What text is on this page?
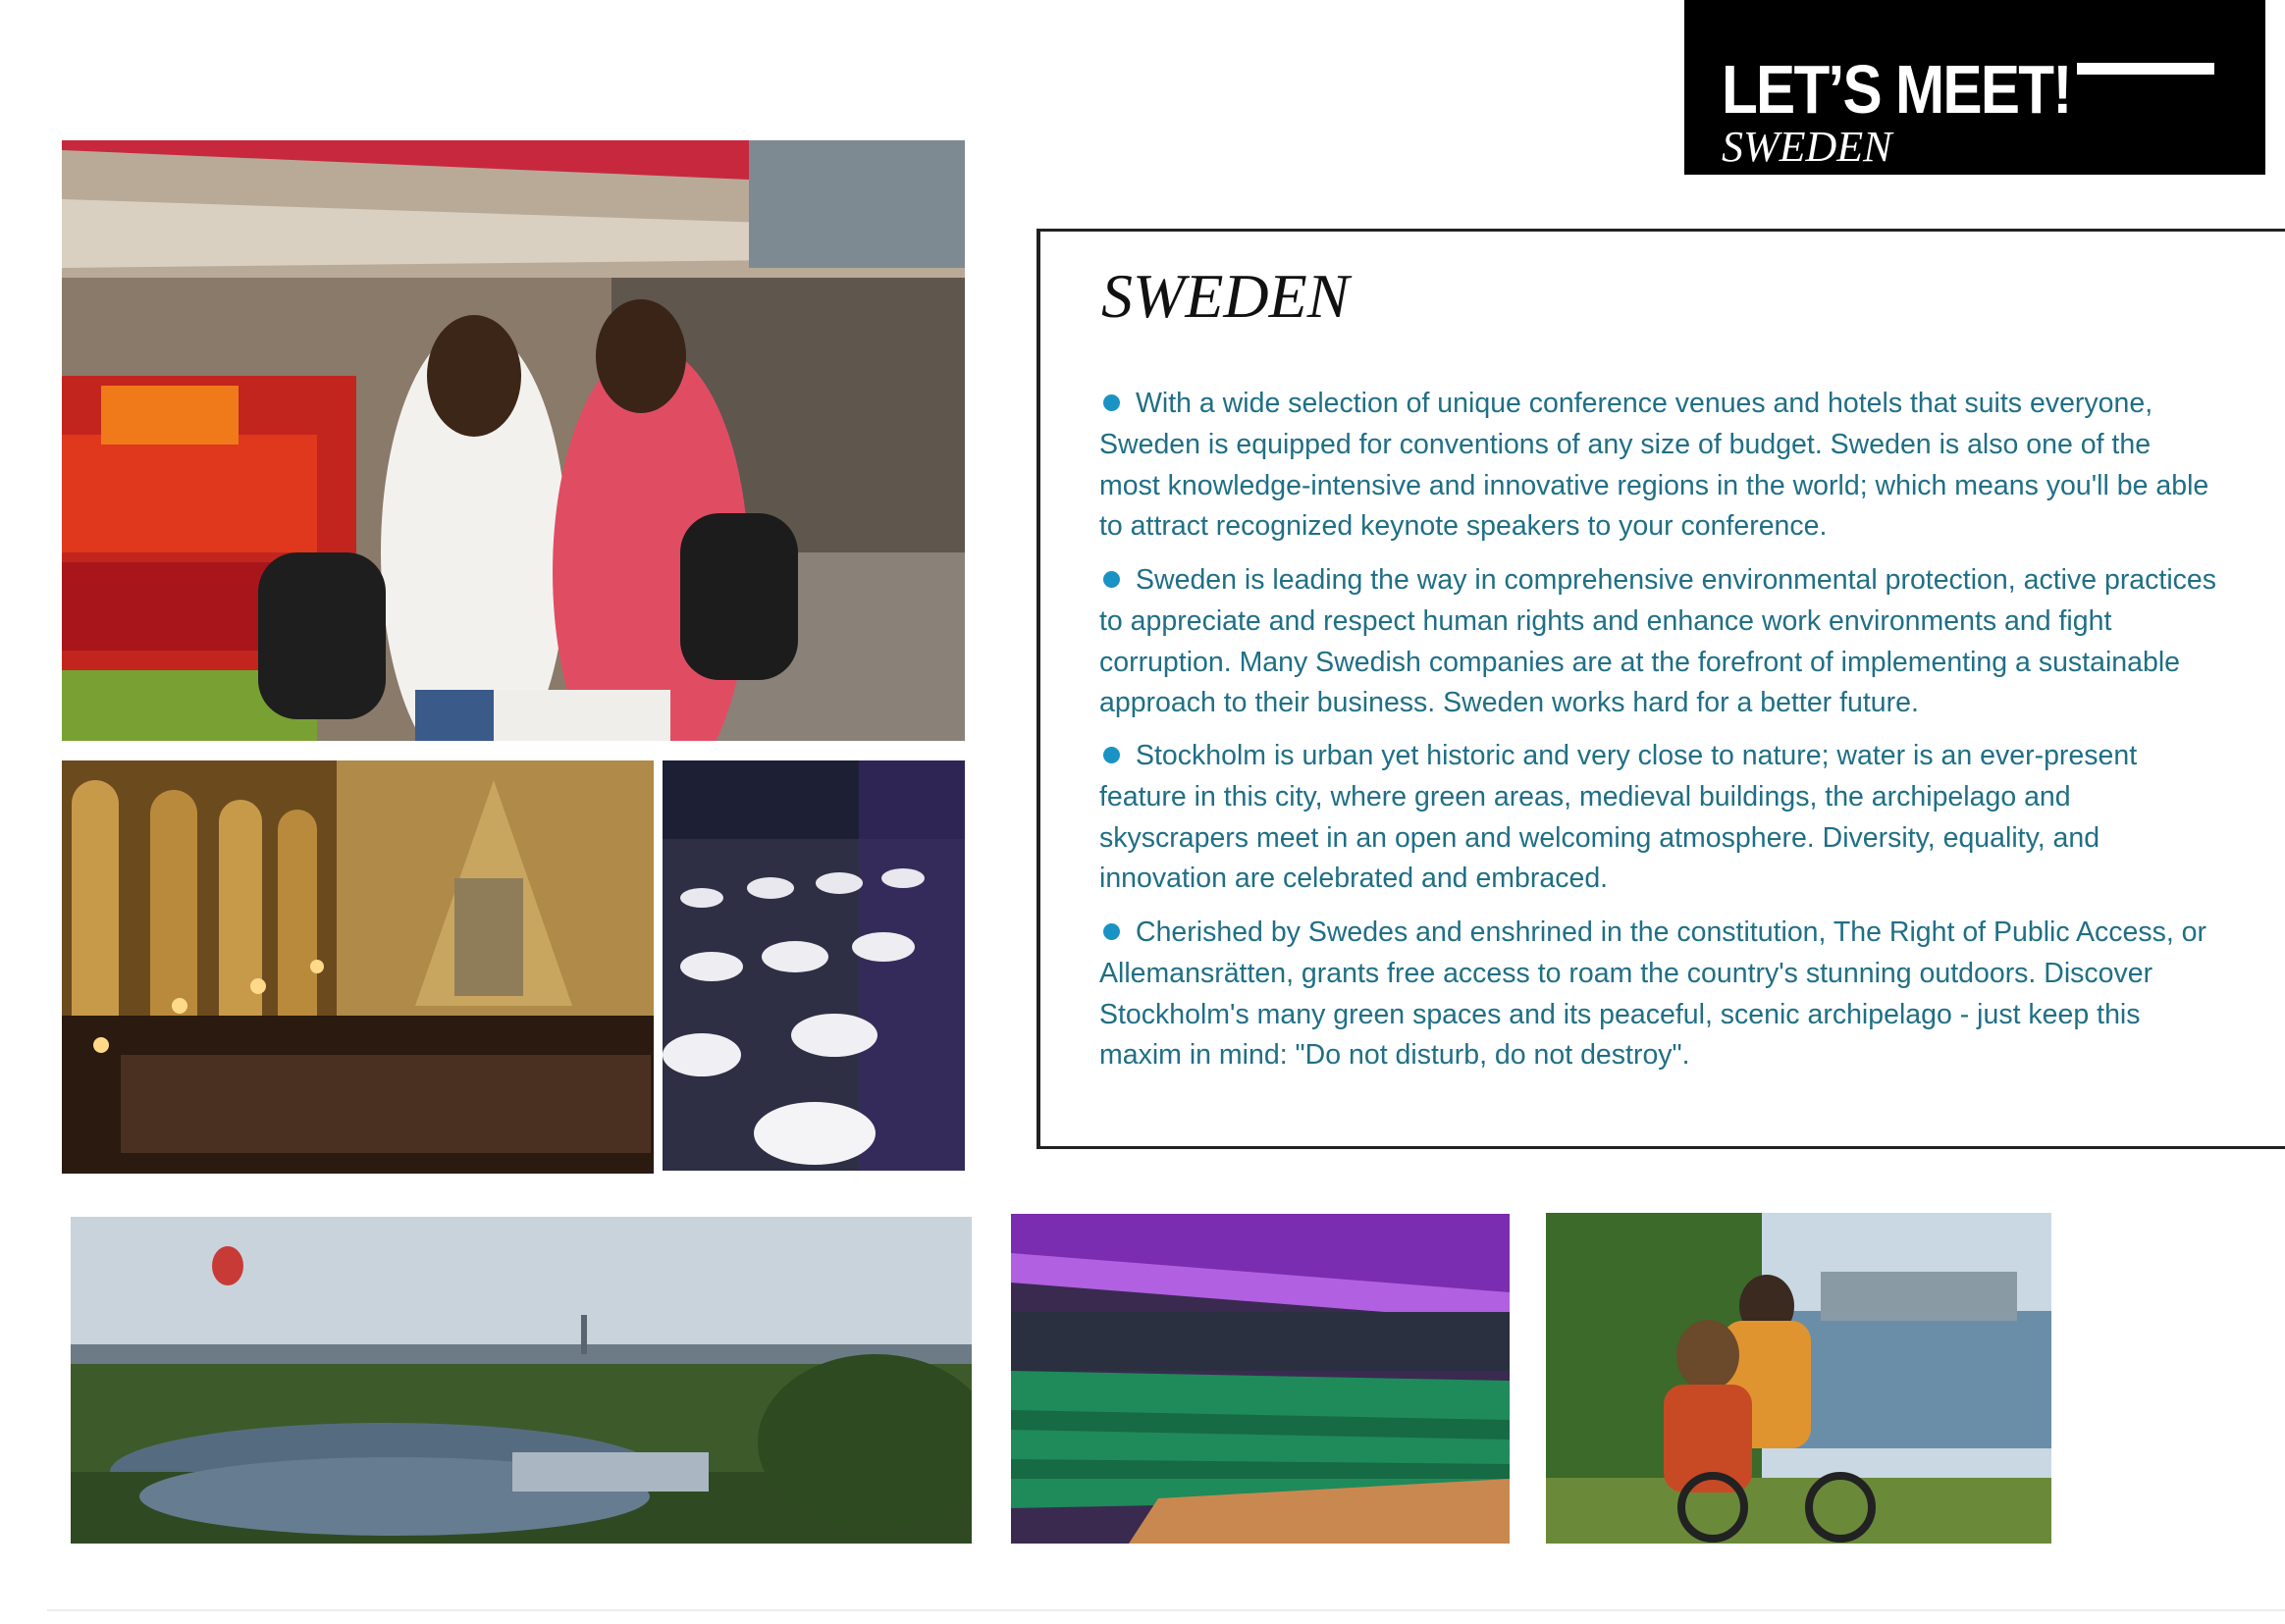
LET’S MEET!
SWEDEN
SWEDEN
With a wide selection of unique conference venues and hotels that suits everyone, Sweden is equipped for conventions of any size of budget. Sweden is also one of the most knowledge-intensive and innovative regions in the world; which means you'll be able to attract recognized keynote speakers to your conference.
Sweden is leading the way in comprehensive environmental protection, active practices to appreciate and respect human rights and enhance work environments and fight corruption. Many Swedish companies are at the forefront of implementing a sustainable approach to their business. Sweden works hard for a better future.
Stockholm is urban yet historic and very close to nature; water is an ever-present feature in this city, where green areas, medieval buildings, the archipelago and skyscrapers meet in an open and welcoming atmosphere. Diversity, equality, and innovation are celebrated and embraced.
Cherished by Swedes and enshrined in the constitution, The Right of Public Access, or Allemansrätten, grants free access to roam the country's stunning outdoors. Discover Stockholm's many green spaces and its peaceful, scenic archipelago - just keep this maxim in mind: "Do not disturb, do not destroy".
